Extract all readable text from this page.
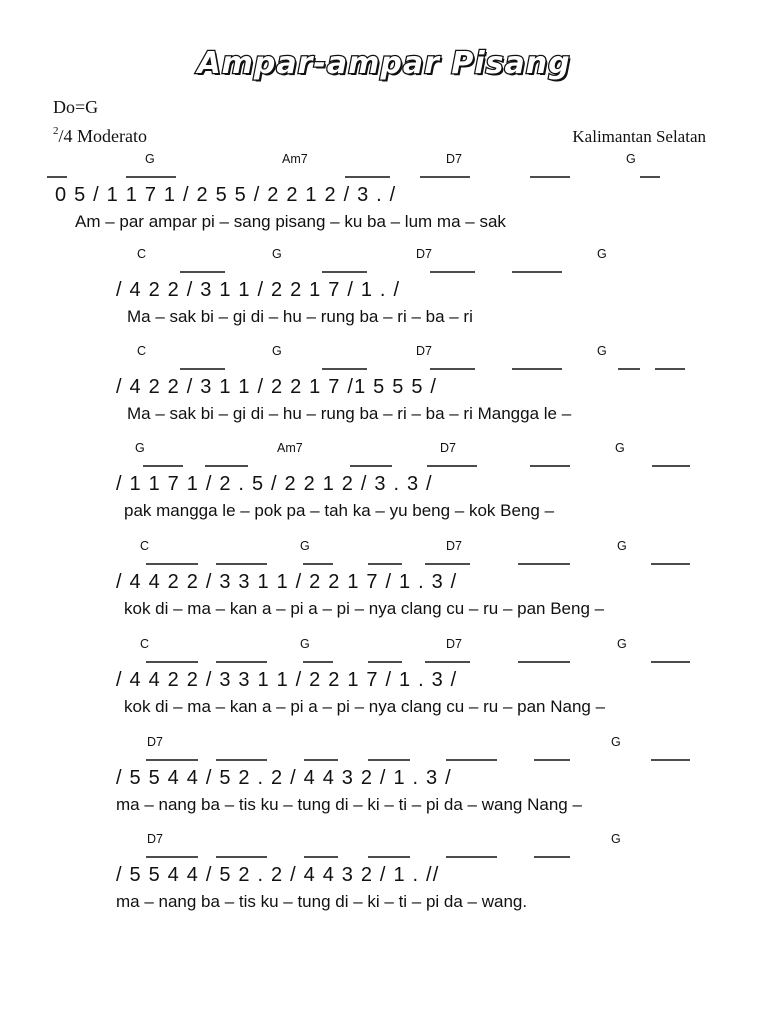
Ampar-ampar Pisang
Do=G
$^2$/4 Moderato	Kalimantan Selatan
G	Am7	D7	G
0 5 / 1 1 7 1 / 2 5 5 / 2 2 1 2 / 3 . /
Am – par ampar pi – sang pisang – ku ba – lum ma – sak
C	G	D7	G
/ 4 2 2 / 3 1 1 / 2 2 1 7 / 1 . /
Ma – sak bi – gi di – hu – rung ba – ri – ba – ri
C	G	D7	G
/ 4 2 2 / 3 1 1 / 2 2 1 7 /1 5 5 5 /
Ma – sak bi – gi di – hu – rung ba – ri – ba – ri Mangga le –
G	Am7	D7	G
/ 1 1 7 1 / 2 . 5 / 2 2 1 2 / 3 . 3 /
pak mangga le – pok pa – tah ka – yu beng – kok Beng –
C	G	D7	G
/ 4 4 2 2 / 3 3 1 1 / 2 2 1 7 / 1 . 3 /
kok di – ma – kan a – pi a – pi – nya clang cu – ru – pan Beng –
C	G	D7	G
/ 4 4 2 2 / 3 3 1 1 / 2 2 1 7 / 1 . 3 /
kok di – ma – kan a – pi a – pi – nya clang cu – ru – pan Nang –
D7	G
/ 5 5 4 4 / 5 2 . 2 / 4 4 3 2 / 1 . 3 /
ma – nang ba – tis ku – tung di – ki – ti – pi da – wang Nang –
D7	G
/ 5 5 4 4 / 5 2 . 2 / 4 4 3 2 / 1 . //
ma – nang ba – tis ku – tung di – ki – ti – pi da – wang.
